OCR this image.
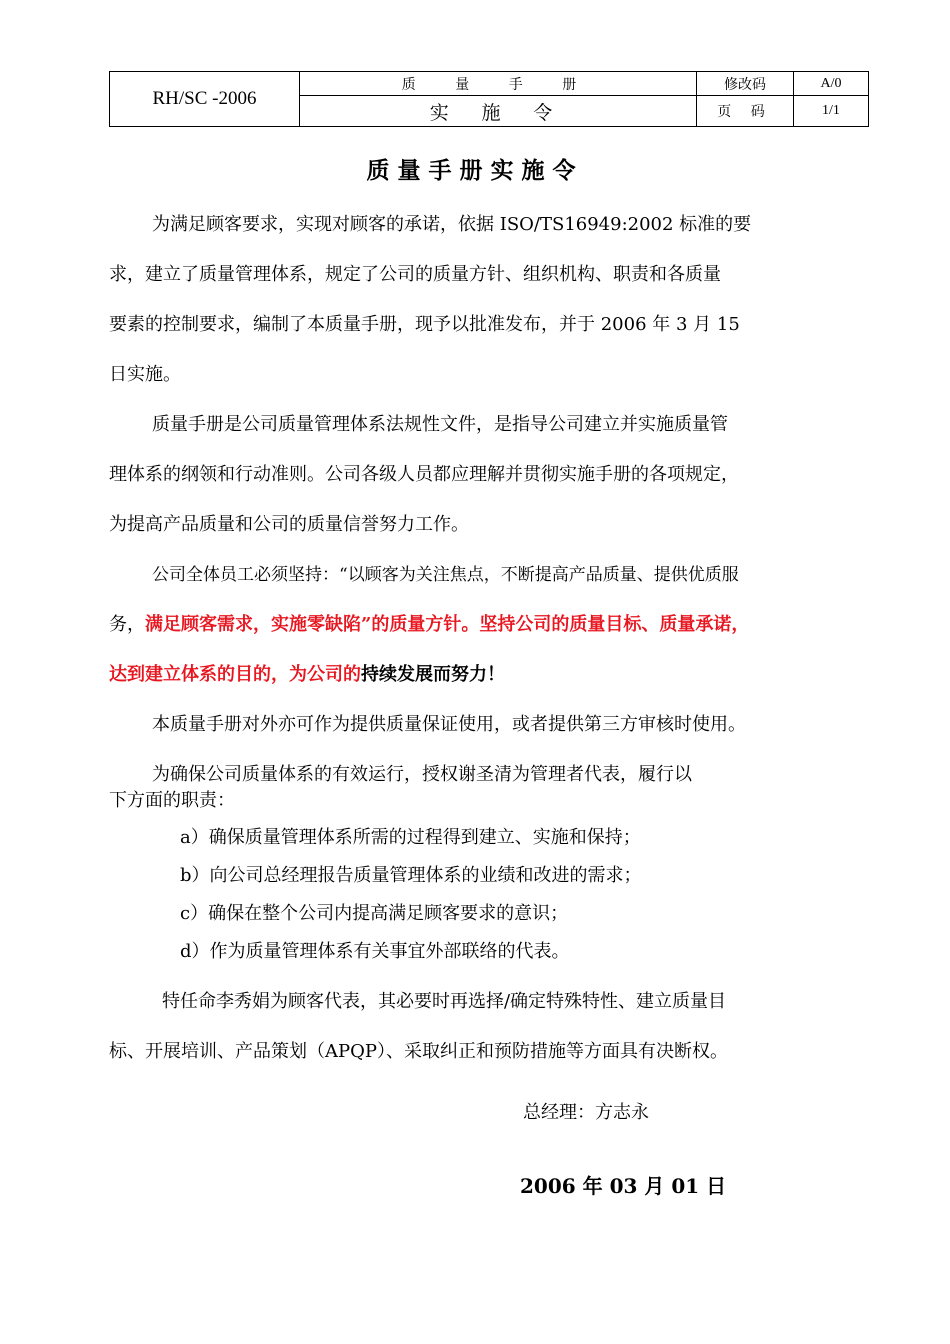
RH/SC -2006
质 量 手 册
实 施 令
修改码	A/0
页 码	1/1
质量手册实施令
为满足顾客要求，实现对顾客的承诺，依据 ISO/TS16949:2002 标准的要
求，建立了质量管理体系，规定了公司的质量方针、组织机构、职责和各质量
要素的控制要求，编制了本质量手册，现予以批准发布，并于 2006 年 3 月 15
日实施。
质量手册是公司质量管理体系法规性文件，是指导公司建立并实施质量管
理体系的纲领和行动准则。公司各级人员都应理解并贯彻实施手册的各项规定，
为提高产品质量和公司的质量信誉努力工作。
公司全体员工必须坚持：“以顾客为关注焦点，不断提高产品质量、提供优质服
务，满足顾客需求，实施零缺陷”的质量方针。坚持公司的质量目标、质量承诺，
达到建立体系的目的，为公司的持续发展而努力！
本质量手册对外亦可作为提供质量保证使用，或者提供第三方审核时使用。
为确保公司质量体系的有效运行，授权谢圣清为管理者代表，履行以
下方面的职责：
a）确保质量管理体系所需的过程得到建立、实施和保持；
b）向公司总经理报告质量管理体系的业绩和改进的需求；
c）确保在整个公司内提高满足顾客要求的意识；
d）作为质量管理体系有关事宜外部联络的代表。
特任命李秀娟为顾客代表，其必要时再选择/确定特殊特性、建立质量目
标、开展培训、产品策划（APQP）、采取纠正和预防措施等方面具有决断权。
总经理：方志永
2006 年 03 月 01 日
